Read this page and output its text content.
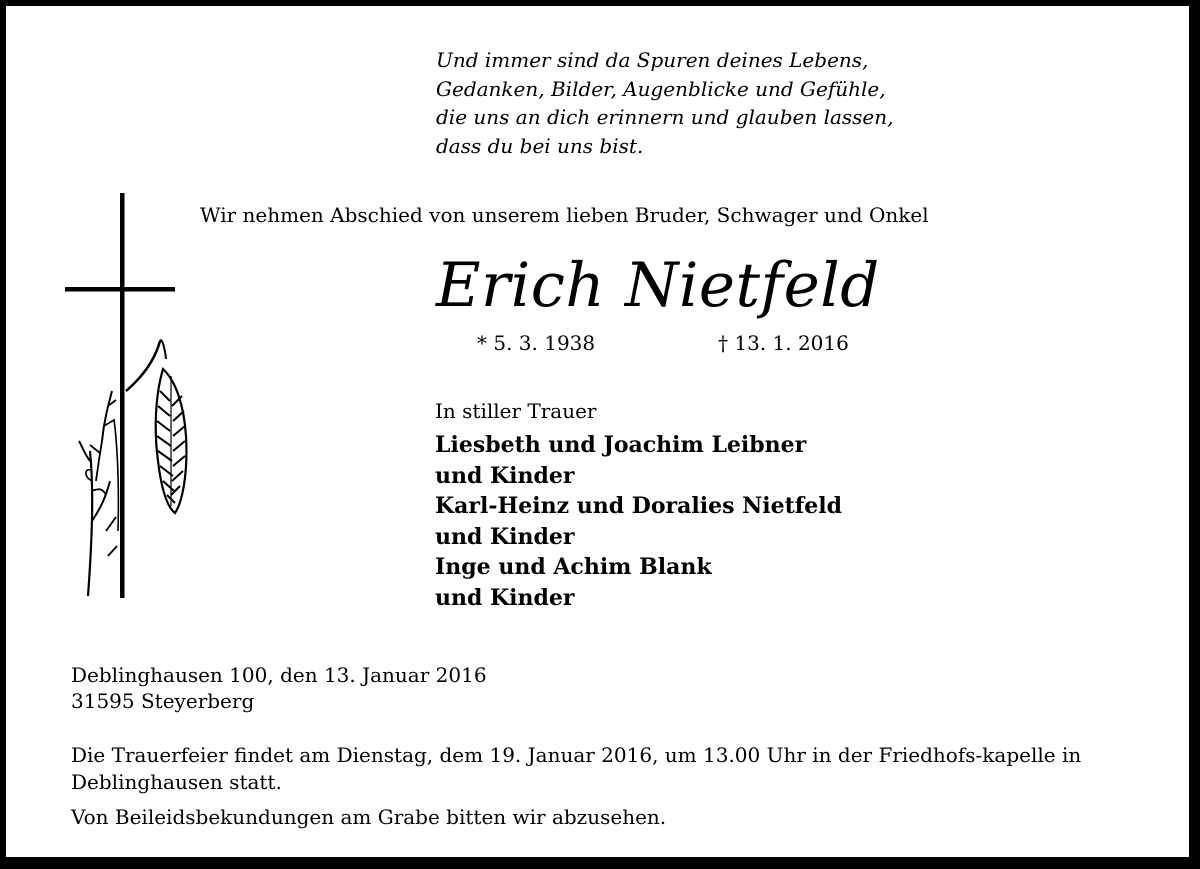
Und immer sind da Spuren deines Lebens,
Gedanken, Bilder, Augenblicke und Gefühle,
die uns an dich erinnern und glauben lassen,
dass du bei uns bist.
Wir nehmen Abschied von unserem lieben Bruder, Schwager und Onkel
Erich Nietfeld
* 5. 3. 1938	† 13. 1. 2016
In stiller Trauer
Liesbeth und Joachim Leibner
und Kinder
Karl-Heinz und Doralies Nietfeld
und Kinder
Inge und Achim Blank
und Kinder
Deblinghausen 100, den 13. Januar 2016
31595 Steyerberg

Die Trauerfeier findet am Dienstag, dem 19. Januar 2016, um 13.00 Uhr in der Friedhofs-kapelle in Deblinghausen statt.

Von Beileidsbekundungen am Grabe bitten wir abzusehen.
